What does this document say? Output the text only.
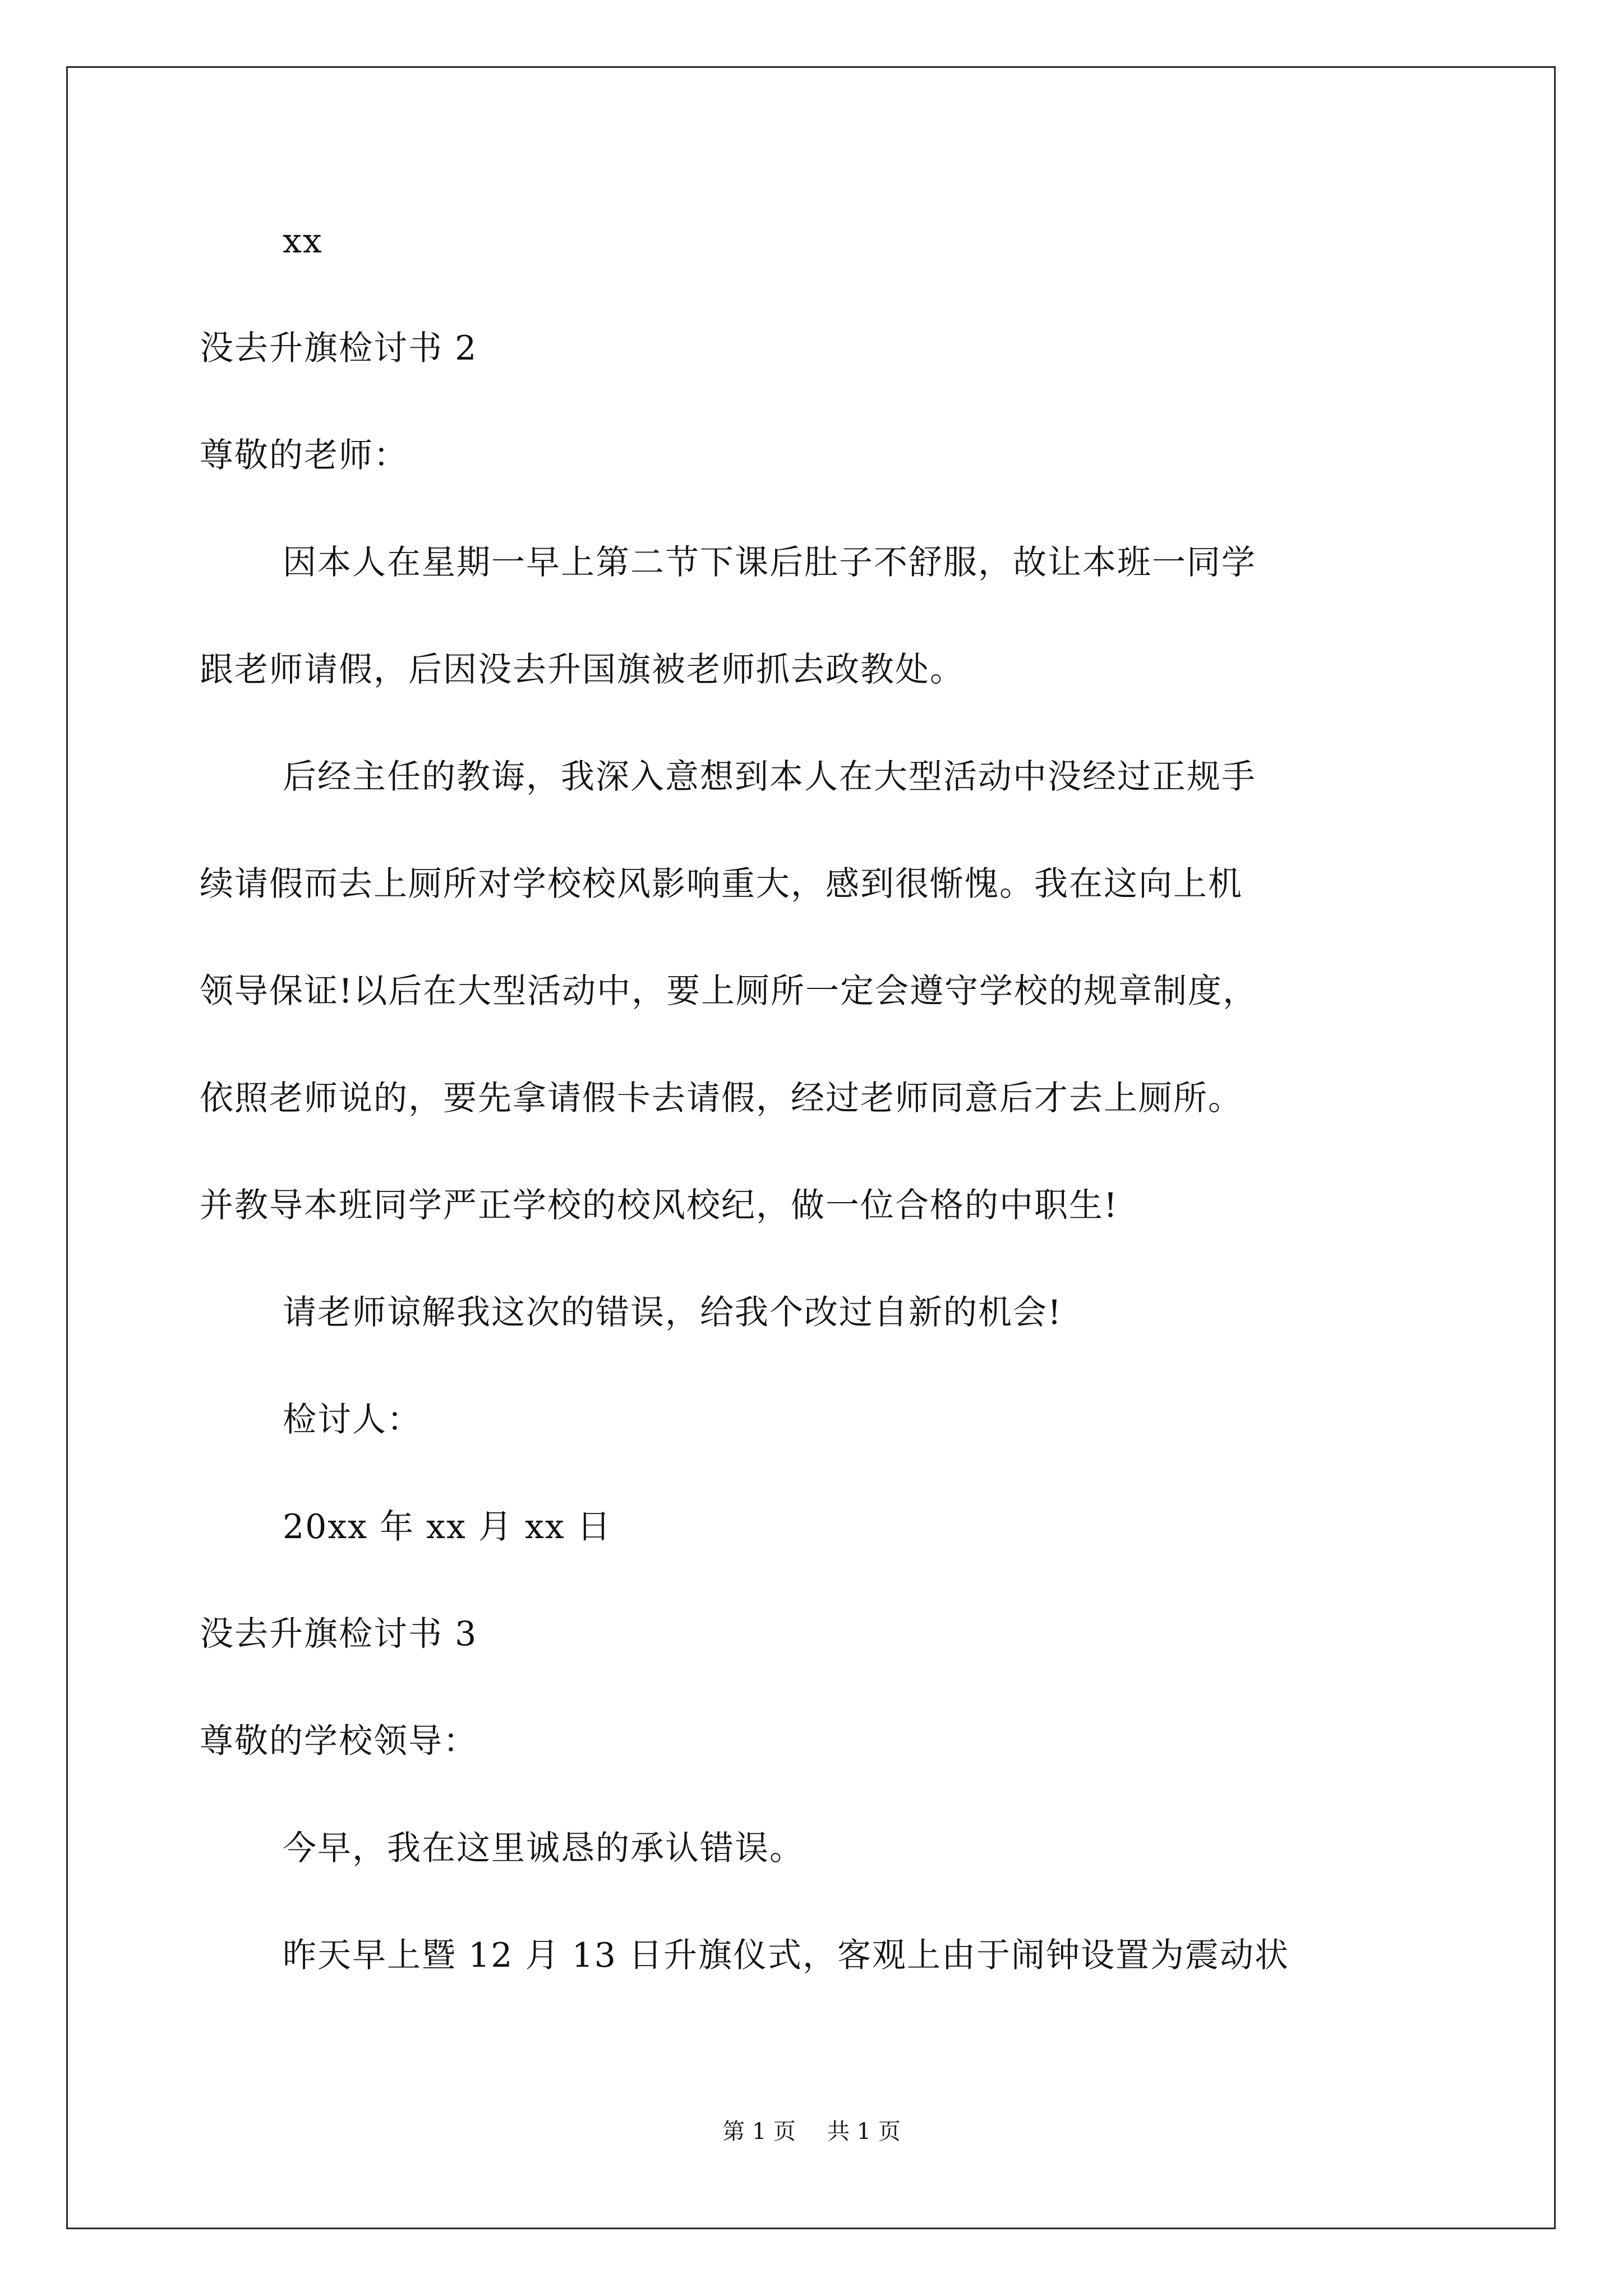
xx
没去升旗检讨书 2
尊敬的老师：
因本人在星期一早上第二节下课后肚子不舒服，故让本班一同学
跟老师请假，后因没去升国旗被老师抓去政教处。
后经主任的教诲，我深入意想到本人在大型活动中没经过正规手
续请假而去上厕所对学校校风影响重大，感到很惭愧。我在这向上机
领导保证!以后在大型活动中，要上厕所一定会遵守学校的规章制度，
依照老师说的，要先拿请假卡去请假，经过老师同意后才去上厕所。
并教导本班同学严正学校的校风校纪，做一位合格的中职生!
请老师谅解我这次的错误，给我个改过自新的机会!
检讨人：
20xx 年 xx 月 xx 日
没去升旗检讨书 3
尊敬的学校领导：
今早，我在这里诚恳的承认错误。
昨天早上暨 12 月 13 日升旗仪式，客观上由于闹钟设置为震动状
第 1 页 共 1 页
